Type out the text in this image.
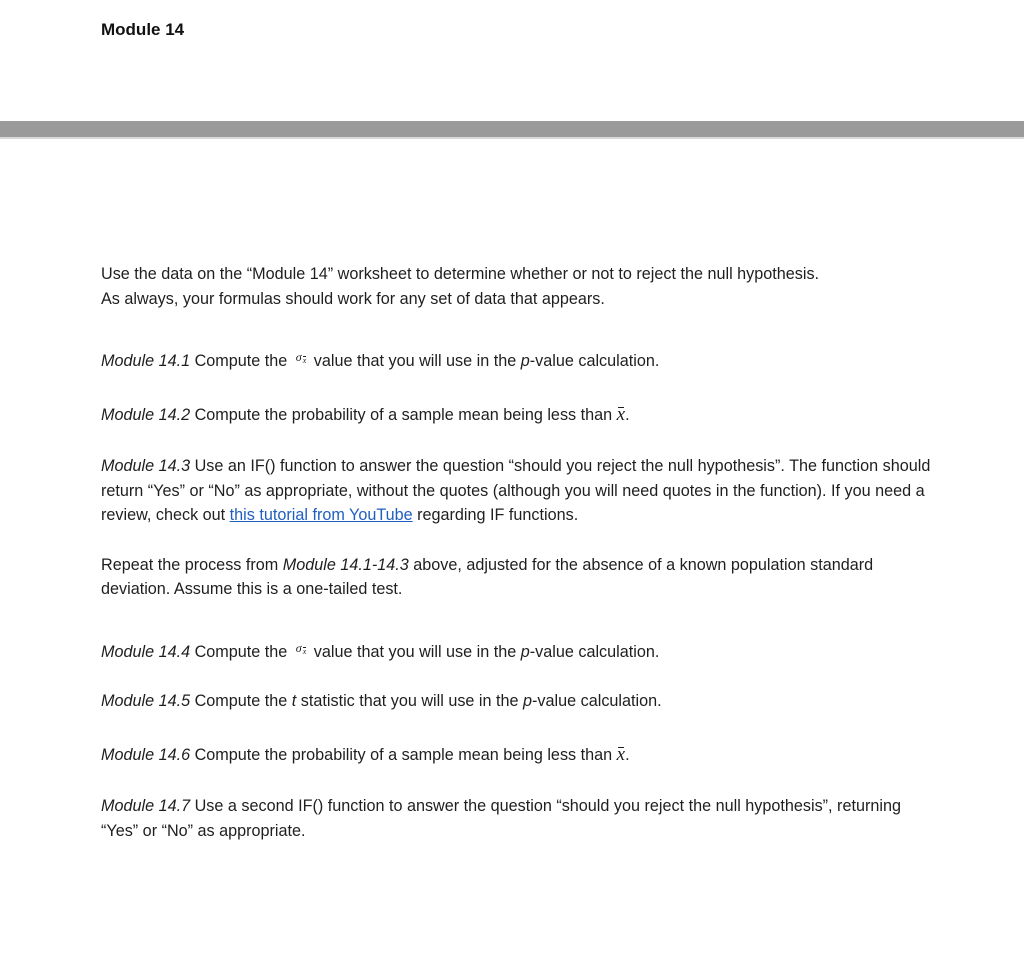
Module 14

Use the data on the “Module 14” worksheet to determine whether or not to reject the null hypothesis.
As always, your formulas should work for any set of data that appears.

Module 14.1 Compute the σx value that you will use in the p-value calculation.

Module 14.2 Compute the probability of a sample mean being less than x.

Module 14.3 Use an IF() function to answer the question “should you reject the null hypothesis”. The function should return “Yes” or “No” as appropriate, without the quotes (although you will need quotes in the function). If you need a review, check out this tutorial from YouTube regarding IF functions.

Repeat the process from Module 14.1-14.3 above, adjusted for the absence of a known population standard deviation. Assume this is a one-tailed test.

Module 14.4 Compute the σx value that you will use in the p-value calculation.

Module 14.5 Compute the t statistic that you will use in the p-value calculation.

Module 14.6 Compute the probability of a sample mean being less than x.

Module 14.7 Use a second IF() function to answer the question “should you reject the null hypothesis”, returning “Yes” or “No” as appropriate.
